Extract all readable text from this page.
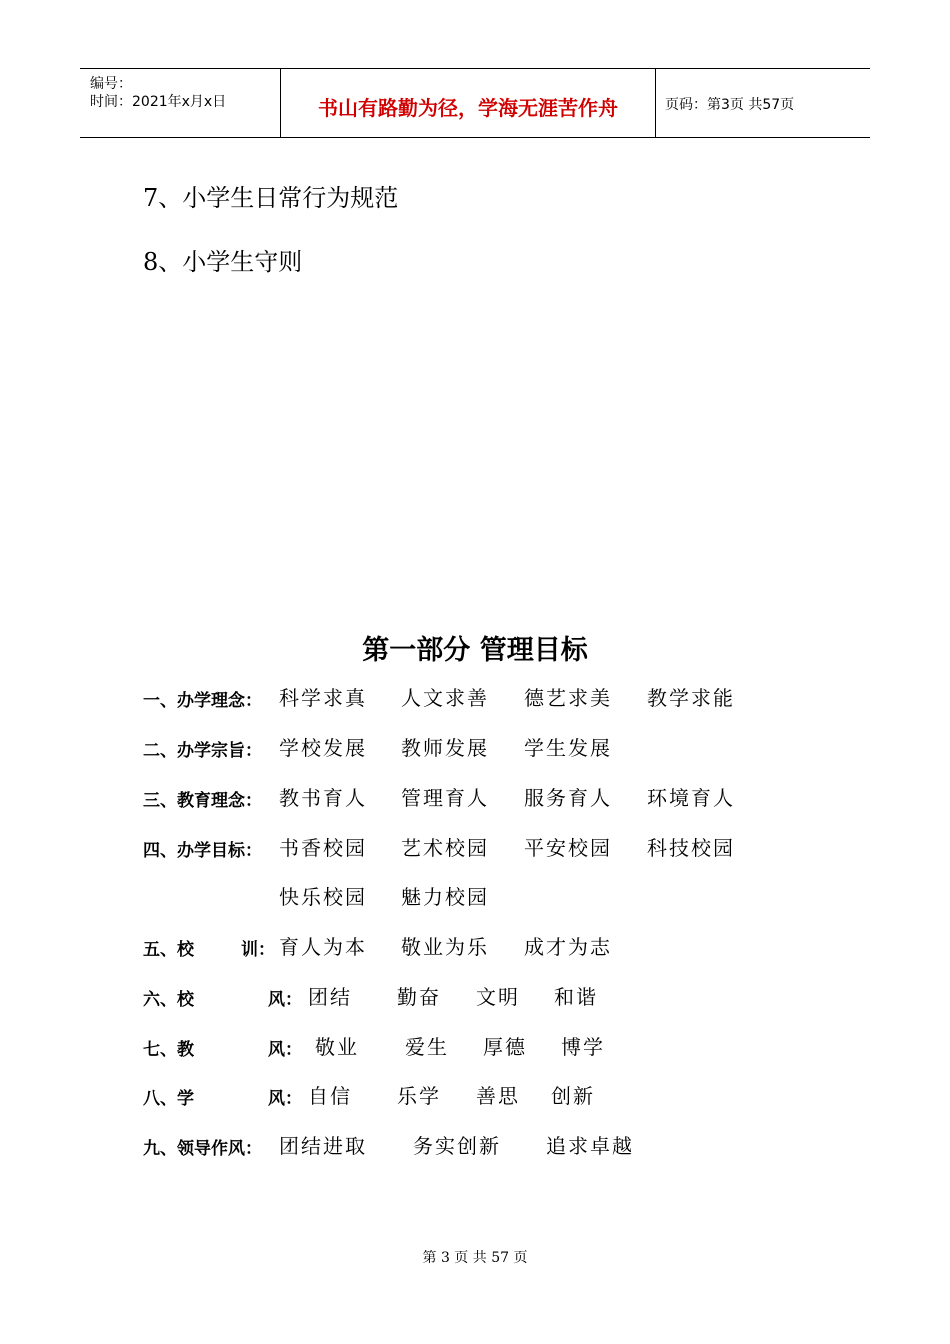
编号：
时间：2021年x月x日	书山有路勤为径，学海无涯苦作舟	页码：第3页 共57页
7、小学生日常行为规范
8、小学生守则
第一部分 管理目标
一、办学理念： 科学求真 人文求善 德艺求美 教学求能
二、办学宗旨： 学校发展 教师发展 学生发展
三、教育理念： 教书育人 管理育人 服务育人 环境育人
四、办学目标： 书香校园 艺术校园 平安校园 科技校园
快乐校园 魅力校园
五、校	训： 育人为本 敬业为乐 成才为志
六、校	风： 团结 勤奋 文明 和谐
七、教	风： 敬业 爱生 厚德 博学
八、学	风： 自信 乐学 善思 创新
九、领导作风： 团结进取 务实创新 追求卓越
第 3 页 共 57 页
